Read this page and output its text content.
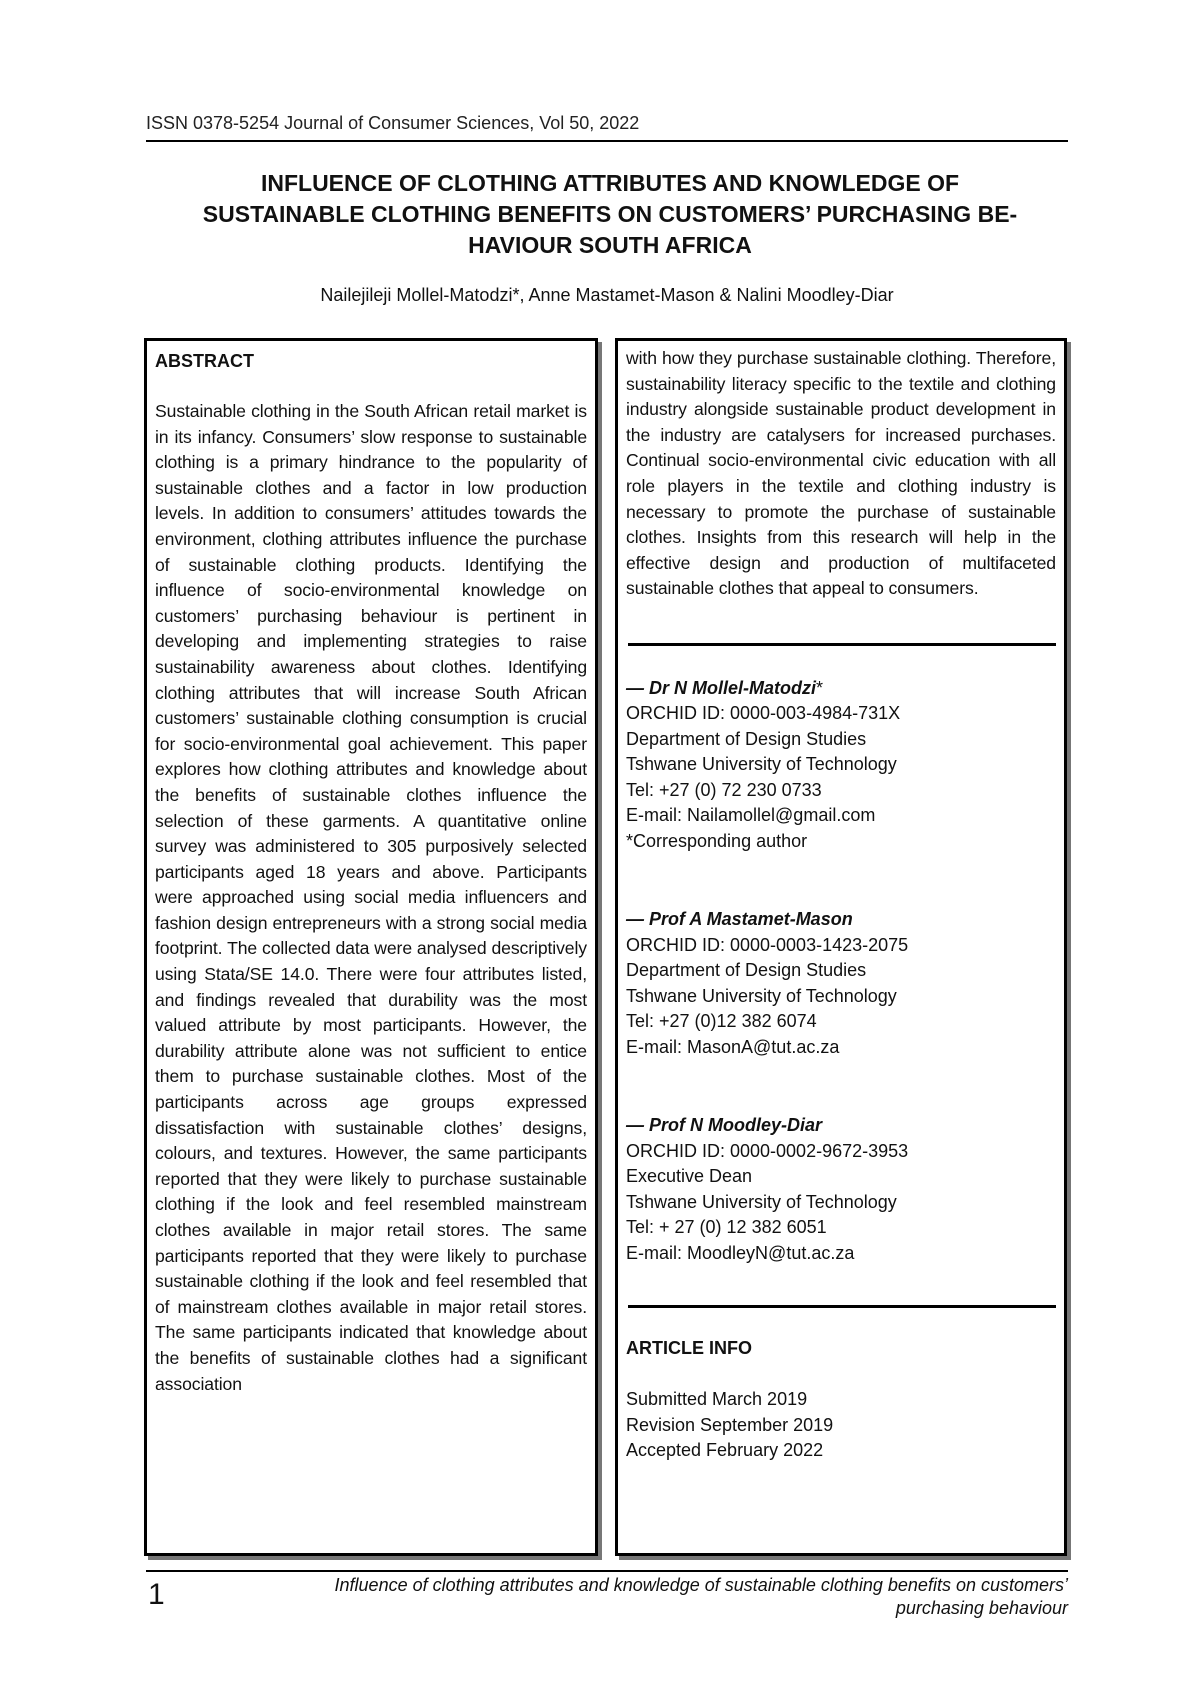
ISSN 0378-5254 Journal of Consumer Sciences, Vol 50, 2022
INFLUENCE OF CLOTHING ATTRIBUTES AND KNOWLEDGE OF
SUSTAINABLE CLOTHING BENEFITS ON CUSTOMERS’ PURCHASING BE-
HAVIOUR SOUTH AFRICA
Nailejileji Mollel-Matodzi*, Anne Mastamet-Mason & Nalini Moodley-Diar
ABSTRACT
Sustainable clothing in the South African retail market is in its infancy. Consumers’ slow response to sustainable clothing is a primary hindrance to the popularity of sustainable clothes and a factor in low production levels. In addition to consumers’ attitudes towards the environment, clothing attributes influence the purchase of sustainable clothing products. Identifying the influence of socio-environmental knowledge on customers’ purchasing behaviour is pertinent in developing and implementing strategies to raise sustainability awareness about clothes. Identifying clothing attributes that will increase South African customers’ sustainable clothing consumption is crucial for socio-environmental goal achievement. This paper explores how clothing attributes and knowledge about the benefits of sustainable clothes influence the selection of these garments. A quantitative online survey was administered to 305 purposively selected participants aged 18 years and above. Participants were approached using social media influencers and fashion design entrepreneurs with a strong social media footprint. The collected data were analysed descriptively using Stata/SE 14.0. There were four attributes listed, and findings revealed that durability was the most valued attribute by most participants. However, the durability attribute alone was not sufficient to entice them to purchase sustainable clothes. Most of the participants across age groups expressed dissatisfaction with sustainable clothes’ designs, colours, and textures. However, the same participants reported that they were likely to purchase sustainable clothing if the look and feel resembled mainstream clothes available in major retail stores. The same participants reported that they were likely to purchase sustainable clothing if the look and feel resembled that of mainstream clothes available in major retail stores. The same participants indicated that knowledge about the benefits of sustainable clothes had a significant association
with how they purchase sustainable clothing. Therefore, sustainability literacy specific to the textile and clothing industry alongside sustainable product development in the industry are catalysers for increased purchases. Continual socio-environmental civic education with all role players in the textile and clothing industry is necessary to promote the purchase of sustainable clothes. Insights from this research will help in the effective design and production of multifaceted sustainable clothes that appeal to consumers.
— Dr N Mollel-Matodzi*
ORCHID ID: 0000-003-4984-731X
Department of Design Studies
Tshwane University of Technology
Tel: +27 (0) 72 230 0733
E-mail: Nailamollel@gmail.com
*Corresponding author
— Prof A Mastamet-Mason
ORCHID ID: 0000-0003-1423-2075
Department of Design Studies
Tshwane University of Technology
Tel: +27 (0)12 382 6074
E-mail: MasonA@tut.ac.za
— Prof N Moodley-Diar
ORCHID ID: 0000-0002-9672-3953
Executive Dean
Tshwane University of Technology
Tel: + 27 (0) 12 382 6051
E-mail: MoodleyN@tut.ac.za
ARTICLE INFO
Submitted March 2019
Revision September 2019
Accepted February 2022
1	Influence of clothing attributes and knowledge of sustainable clothing benefits on customers’
purchasing behaviour
